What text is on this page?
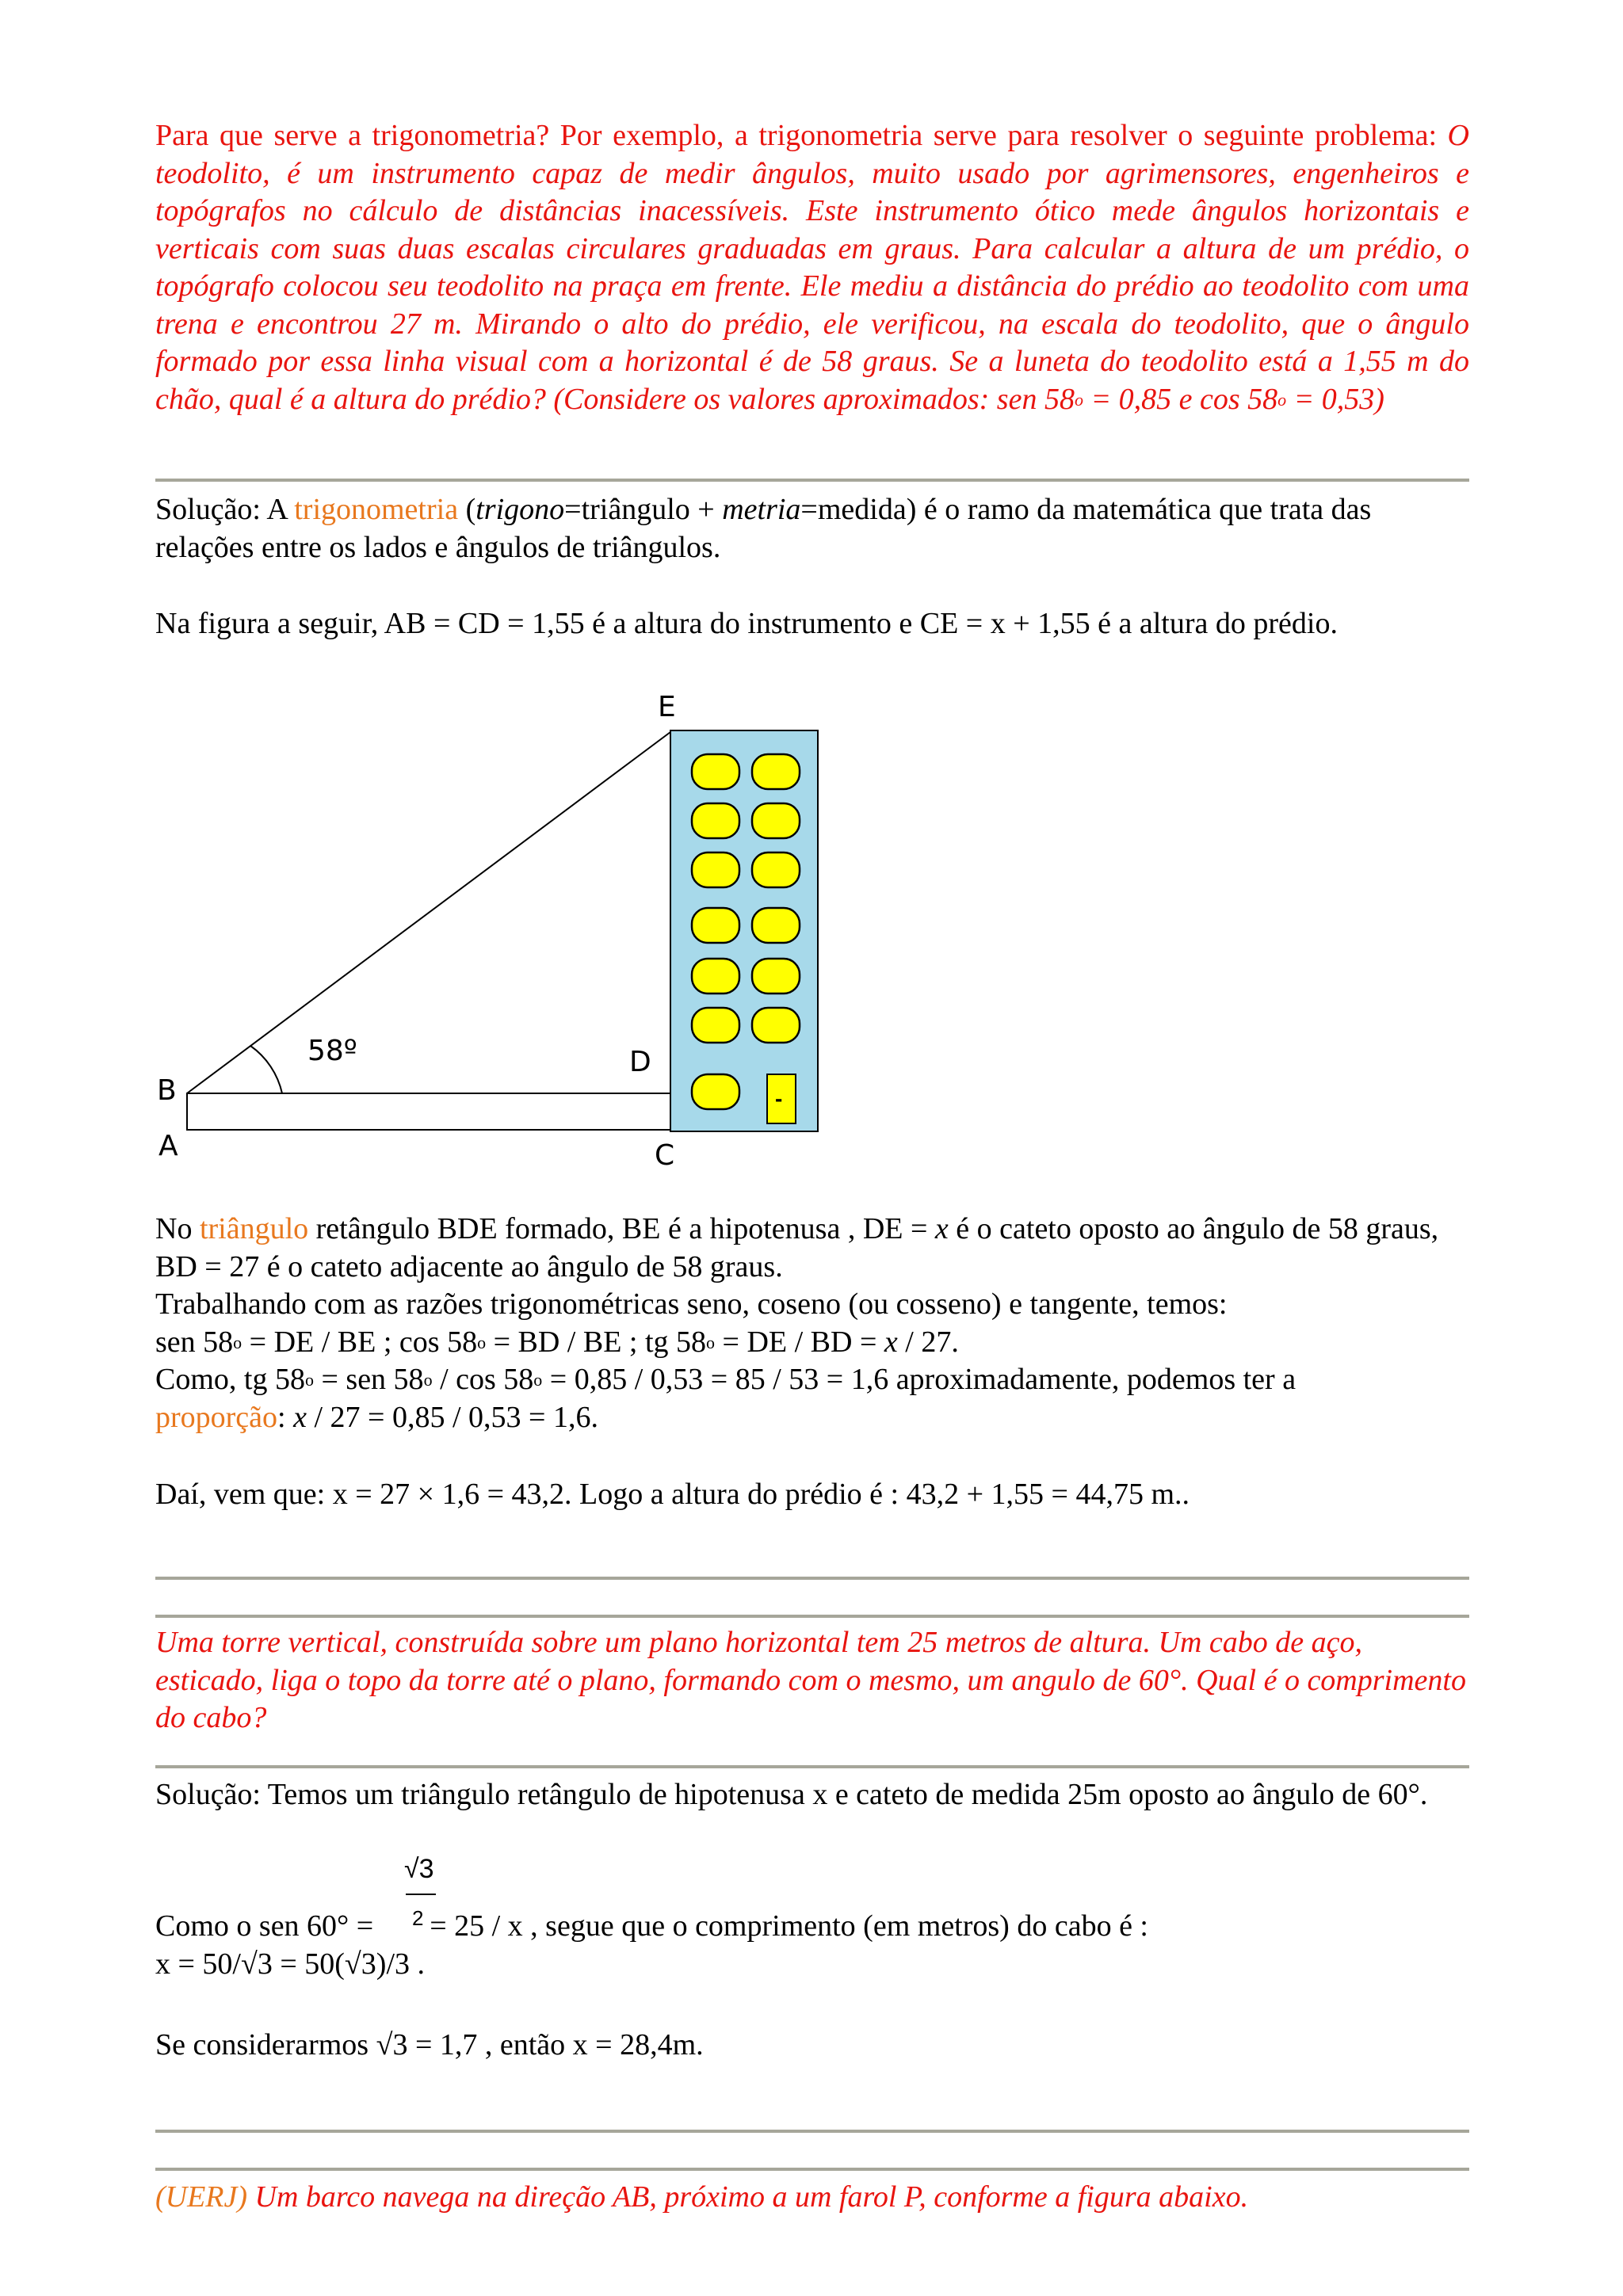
Para que serve a trigonometria? Por exemplo, a trigonometria serve para resolver o seguinte problema: O teodolito, é um instrumento capaz de medir ângulos, muito usado por agrimensores, engenheiros e topógrafos no cálculo de distâncias inacessíveis. Este instrumento ótico mede ângulos horizontais e verticais com suas duas escalas circulares graduadas em graus. Para calcular a altura de um prédio, o topógrafo colocou seu teodolito na praça em frente. Ele mediu a distância do prédio ao teodolito com uma trena e encontrou 27 m. Mirando o alto do prédio, ele verificou, na escala do teodolito, que o ângulo formado por essa linha visual com a horizontal é de 58 graus. Se a luneta do teodolito está a 1,55 m do chão, qual é a altura do prédio? (Considere os valores aproximados: sen $58^o = 0,85$ e $\cos 58^o = 0,53$)

Solução: A trigonometria (trigono=triângulo + metria=medida) é o ramo da matemática que trata das relações entre os lados e ângulos de triângulos.

Na figura a seguir, AB = CD = 1,55 é a altura do instrumento e CE = x + 1,55 é a altura do prédio.

-
E
B
A
D
C
58º

No triângulo retângulo BDE formado, BE é a hipotenusa , DE = x é o cateto oposto ao ângulo de 58 graus, BD = 27 é o cateto adjacente ao ângulo de 58 graus.

Trabalhando com as razões trigonométricas seno, coseno (ou cosseno) e tangente, temos:

sen $58^o$ = DE / BE ; $\cos 58^o$ = BD / BE ; tg $58^o$ = DE / BD = x / 27.

Como, tg $58^o$ = sen $58^o / \cos 58^o = 0,85 / 0,53 = 85 / 53 = 1,6$ aproximadamente, podemos ter a

proporção: x / 27 = 0,85 / 0,53 = 1,6.

Daí, vem que: x = 27 × 1,6 = 43,2. Logo a altura do prédio é : 43,2 + 1,55 = 44,75 m..

Uma torre vertical, construída sobre um plano horizontal tem 25 metros de altura. Um cabo de aço, esticado, liga o topo da torre até o plano, formando com o mesmo, um angulo de 60°. Qual é o comprimento do cabo?

Solução: Temos um triângulo retângulo de hipotenusa x e cateto de medida 25m oposto ao ângulo de 60°.

√3
2

Como o sen 60° =  = 25 / x , segue que o comprimento (em metros) do cabo é :

x = 50/√3 = 50(√3)/3 .

Se considerarmos √3 = 1,7 , então x = 28,4m.

(UERJ) Um barco navega na direção AB, próximo a um farol P, conforme a figura abaixo.
